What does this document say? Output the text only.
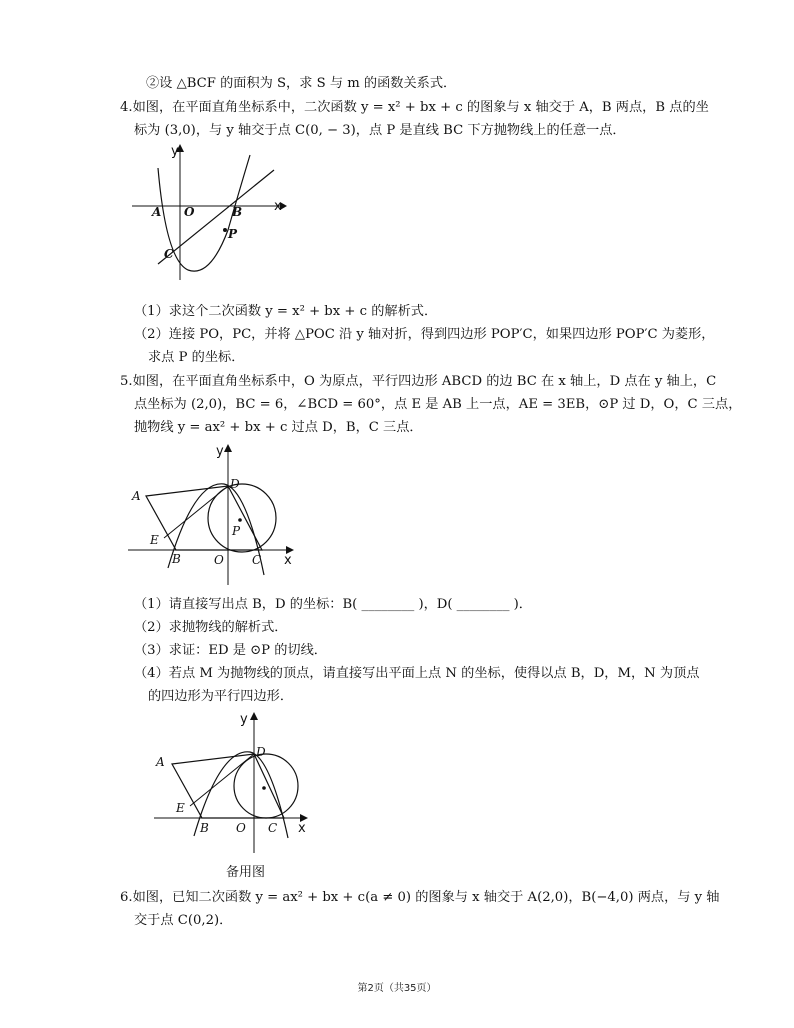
②设 △BCF 的面积为 S，求 S 与 m 的函数关系式．
4.如图，在平面直角坐标系中，二次函数 y = x² + bx + c 的图象与 x 轴交于 A，B 两点，B 点的坐
标为 (3,0)，与 y 轴交于点 C(0, − 3)，点 P 是直线 BC 下方抛物线上的任意一点．
x
y
A O	B
C
P
（1）求这个二次函数 y = x² + bx + c 的解析式．
（2）连接 PO，PC，并将 △POC 沿 y 轴对折，得到四边形 POP′C，如果四边形 POP′C 为菱形，
求点 P 的坐标．
5.如图，在平面直角坐标系中，O 为原点，平行四边形 ABCD 的边 BC 在 x 轴上，D 点在 y 轴上，C
点坐标为 (2,0)，BC = 6，∠BCD = 60°，点 E 是 AB 上一点，AE = 3EB，⊙P 过 D，O，C 三点，
抛物线 y = ax² + bx + c 过点 D，B，C 三点．
x
y
A
B	C
D
E
O
P
（1）请直接写出点 B，D 的坐标：B( ________ )，D( ________ )．
（2）求抛物线的解析式．
（3）求证：ED 是 ⊙P 的切线．
（4）若点 M 为抛物线的顶点，请直接写出平面上点 N 的坐标，使得以点 B，D，M，N 为顶点
的四边形为平行四边形．
x
y
A
B	C
D
E
O
备用图
6.如图，已知二次函数 y = ax² + bx + c(a ≠ 0) 的图象与 x 轴交于 A(2,0)，B(−4,0) 两点，与 y 轴
交于点 C(0,2)．
第2页（共35页）
